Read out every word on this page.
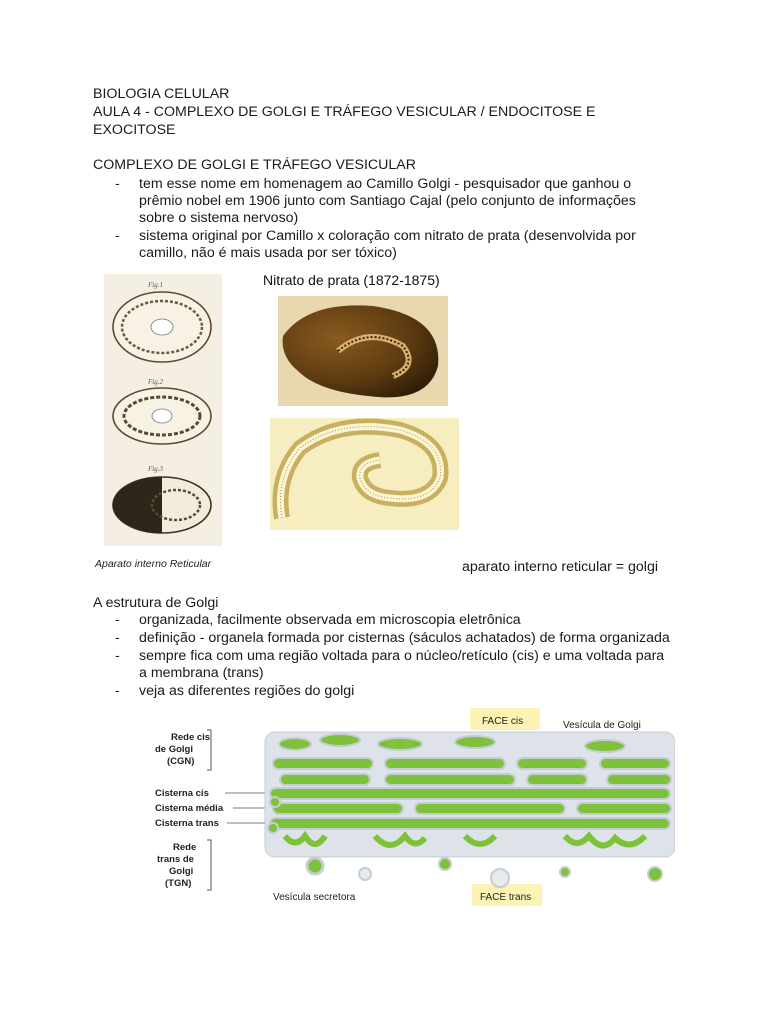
BIOLOGIA CELULAR
AULA 4 - COMPLEXO DE GOLGI E TRÁFEGO VESICULAR / ENDOCITOSE E
EXOCITOSE
COMPLEXO DE GOLGI E TRÁFEGO VESICULAR
- tem esse nome em homenagem ao Camillo Golgi - pesquisador que ganhou o
prêmio nobel em 1906 junto com Santiago Cajal (pelo conjunto de informações
sobre o sistema nervoso)
- sistema original por Camillo x coloração com nitrato de prata (desenvolvida por
camillo, não é mais usada por ser tóxico)
Fig.1
Fig.2
Fig.3
Aparato interno Reticular
Nitrato de prata (1872-1875)
aparato interno reticular = golgi
A estrutura de Golgi
- organizada, facilmente observada em microscopia eletrônica
- definição - organela formada por cisternas (sáculos achatados) de forma organizada
- sempre fica com uma região voltada para o núcleo/retículo (cis) e uma voltada para
a membrana (trans)
- veja as diferentes regiões do golgi
FACE cis
FACE trans
Vesícula de Golgi
Rede cis
de Golgi
(CGN)
Cisterna cis
Cisterna média
Cisterna trans
Rede
trans de
Golgi
(TGN)
Vesícula secretora
